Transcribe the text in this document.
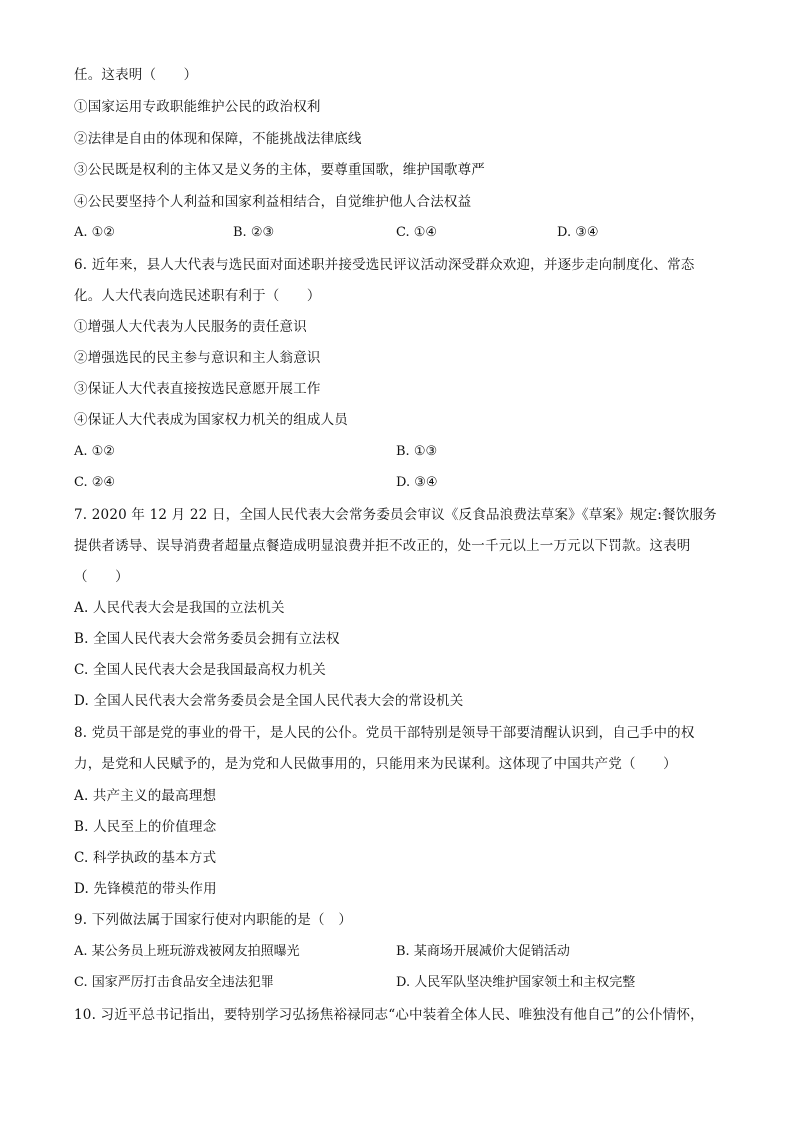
任。这表明（　　）
①国家运用专政职能维护公民的政治权利
②法律是自由的体现和保障，不能挑战法律底线
③公民既是权利的主体又是义务的主体，要尊重国歌，维护国歌尊严
④公民要坚持个人利益和国家利益相结合，自觉维护他人合法权益
A. ①②	B. ②③	C. ①④	D. ③④
6. 近年来，县人大代表与选民面对面述职并接受选民评议活动深受群众欢迎，并逐步走向制度化、常态
化。人大代表向选民述职有利于（　　）
①增强人大代表为人民服务的责任意识
②增强选民的民主参与意识和主人翁意识
③保证人大代表直接按选民意愿开展工作
④保证人大代表成为国家权力机关的组成人员
A. ①②	B. ①③
C. ②④	D. ③④
7. 2020 年 12 月 22 日，全国人民代表大会常务委员会审议《反食品浪费法草案》《草案》规定:餐饮服务
提供者诱导、误导消费者超量点餐造成明显浪费并拒不改正的，处一千元以上一万元以下罚款。这表明
（　　）
A. 人民代表大会是我国的立法机关
B. 全国人民代表大会常务委员会拥有立法权
C. 全国人民代表大会是我国最高权力机关
D. 全国人民代表大会常务委员会是全国人民代表大会的常设机关
8. 党员干部是党的事业的骨干，是人民的公仆。党员干部特别是领导干部要清醒认识到，自己手中的权
力，是党和人民赋予的，是为党和人民做事用的，只能用来为民谋利。这体现了中国共产党（　　）
A. 共产主义的最高理想
B. 人民至上的价值理念
C. 科学执政的基本方式
D. 先锋模范的带头作用
9. 下列做法属于国家行使对内职能的是（　）
A. 某公务员上班玩游戏被网友拍照曝光	B. 某商场开展减价大促销活动
C. 国家严厉打击食品安全违法犯罪	D. 人民军队坚决维护国家领土和主权完整
10. 习近平总书记指出，要特别学习弘扬焦裕禄同志“心中装着全体人民、唯独没有他自己”的公仆情怀，
